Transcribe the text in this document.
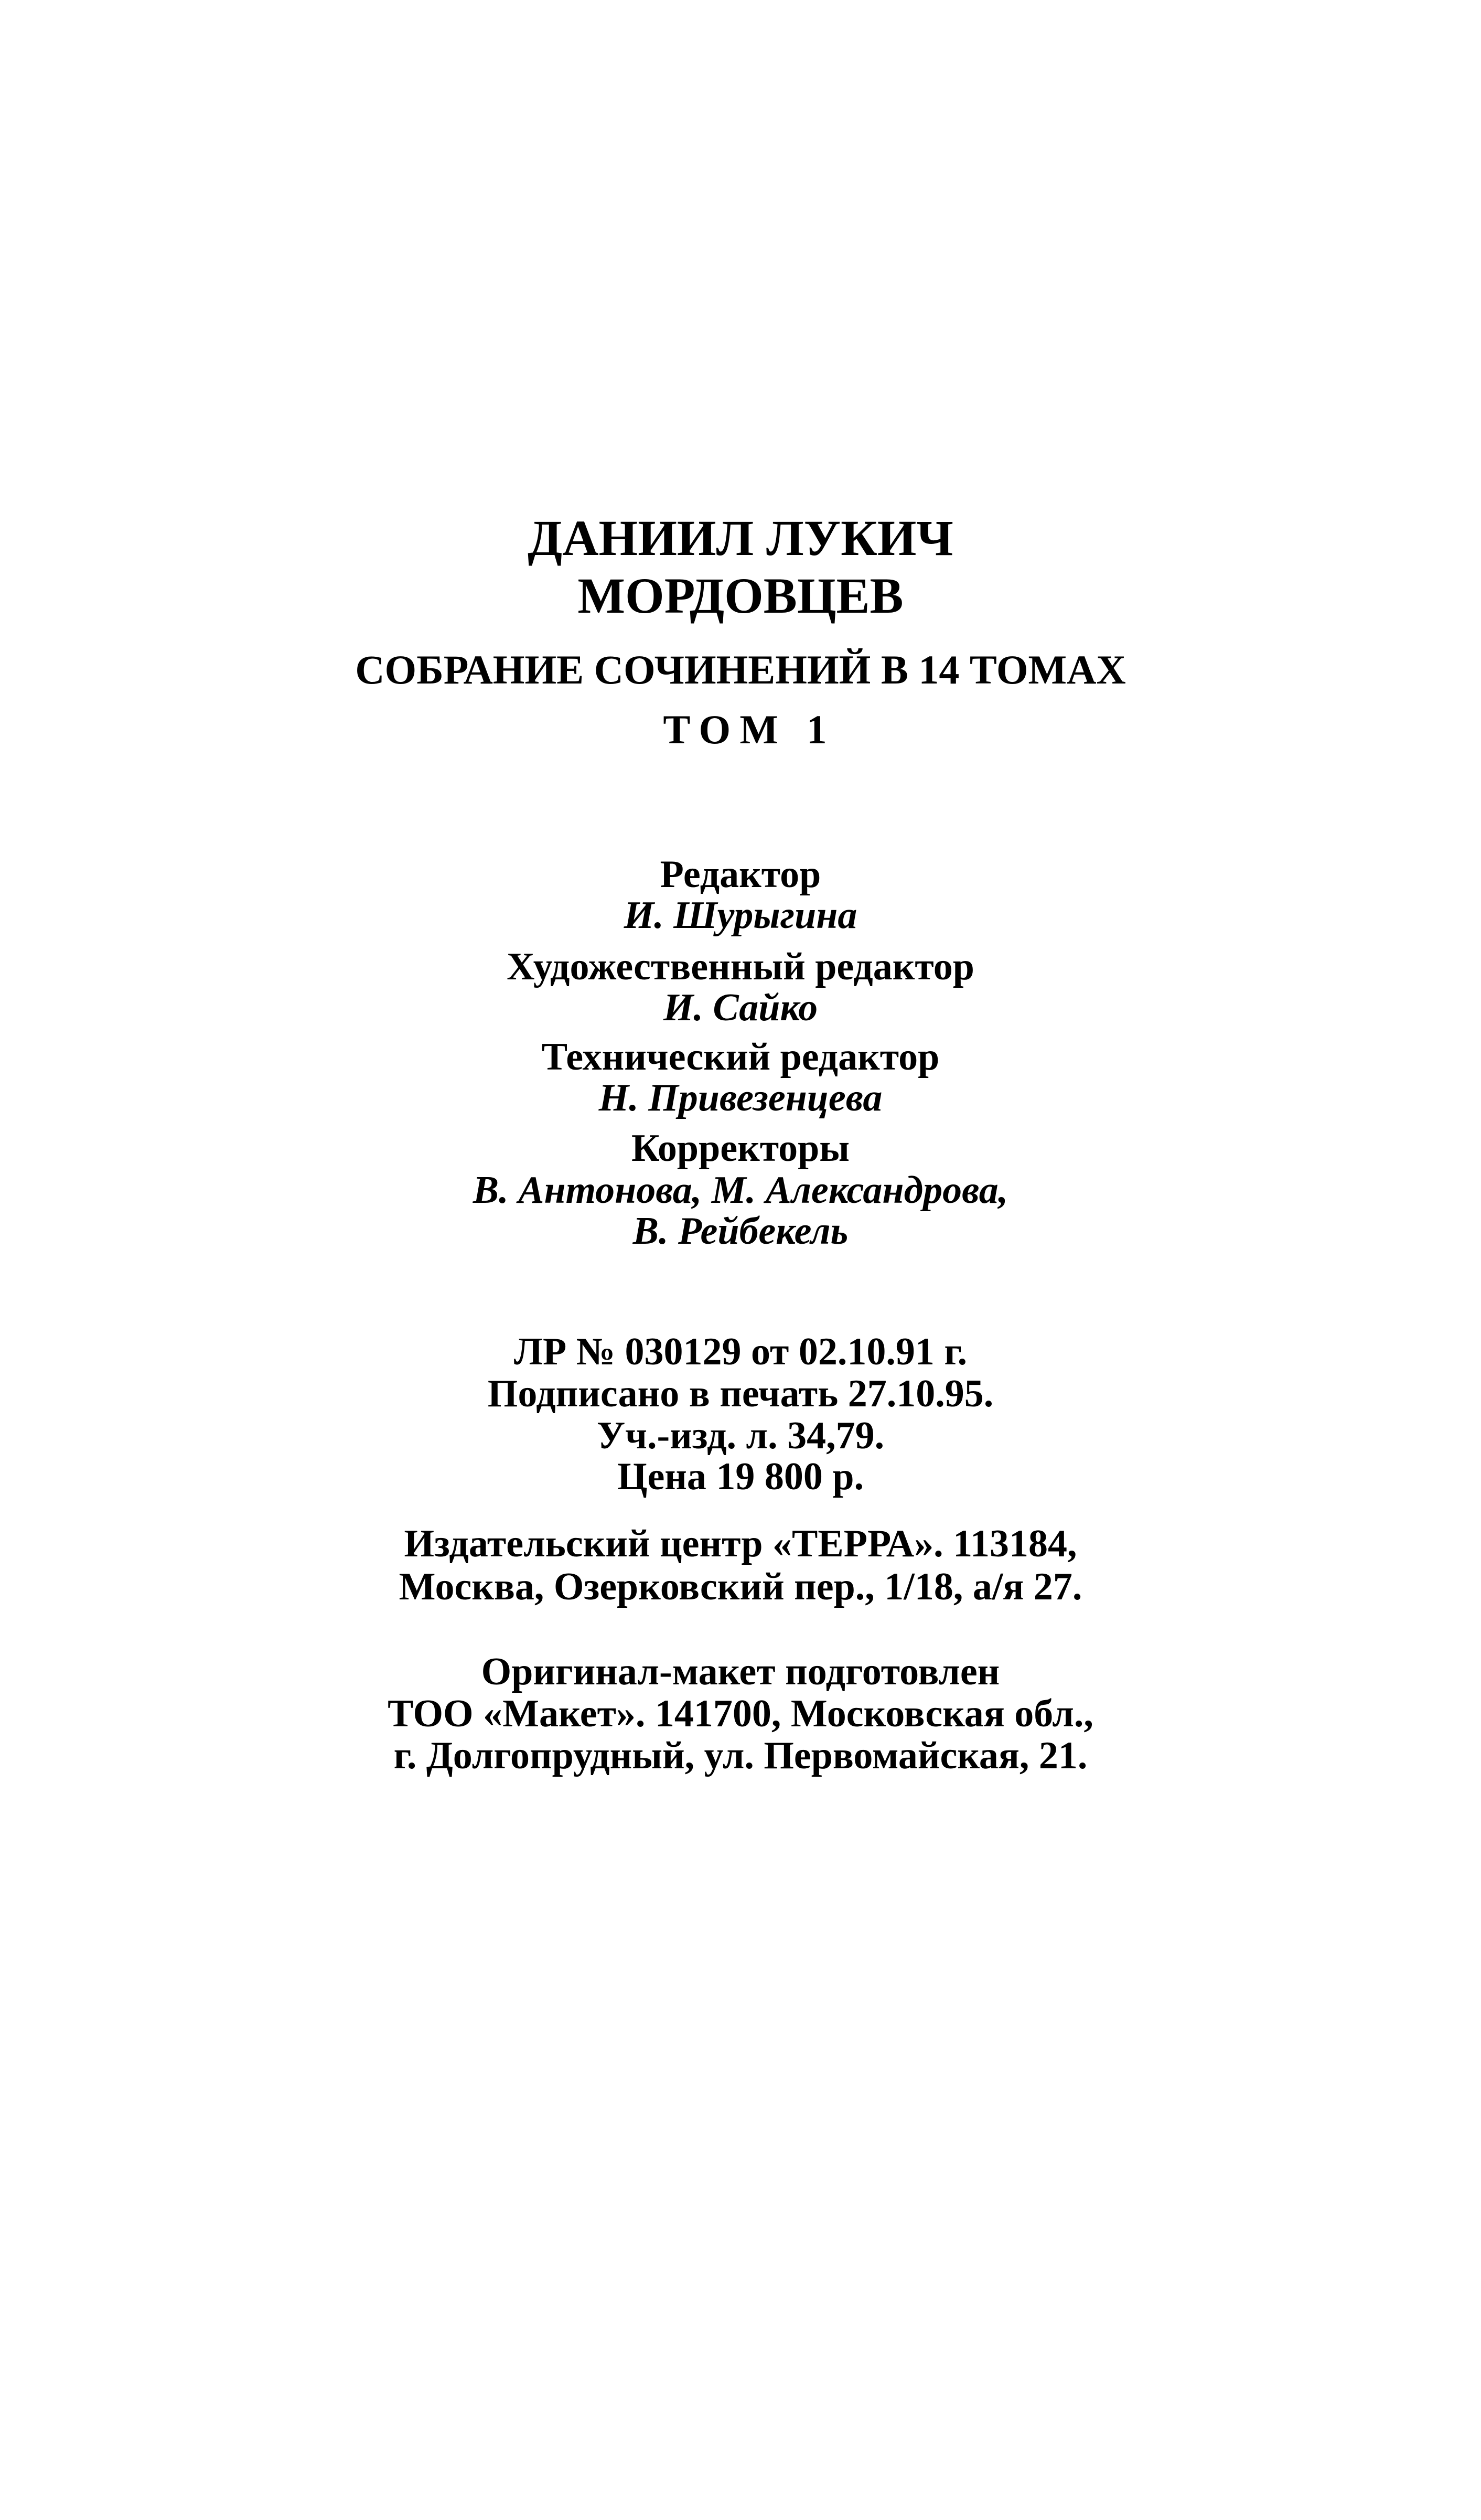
ДАНИИЛ ЛУКИЧ
МОРДОВЦЕВ
СОБРАНИЕ СОЧИНЕНИЙ В 14 ТОМАХ
ТОМ 1
Редактор
И. Шурыгина
Художественный редактор
И. Сайко
Технический редактор
Н. Привезенцева
Корректоры
В. Антонова, М. Александрова,
В. Рейбекель
ЛР № 030129 от 02.10.91 г.
Подписано в печать 27.10.95.
Уч.-изд. л. 34,79.
Цена 19 800 р.
Издательский центр «ТЕРРА». 113184,
Москва, Озерковский пер., 1/18, а/я 27.
Оригинал-макет подготовлен
ТОО «Макет». 141700, Московская обл.,
г. Долгопрудный, ул. Первомайская, 21.
